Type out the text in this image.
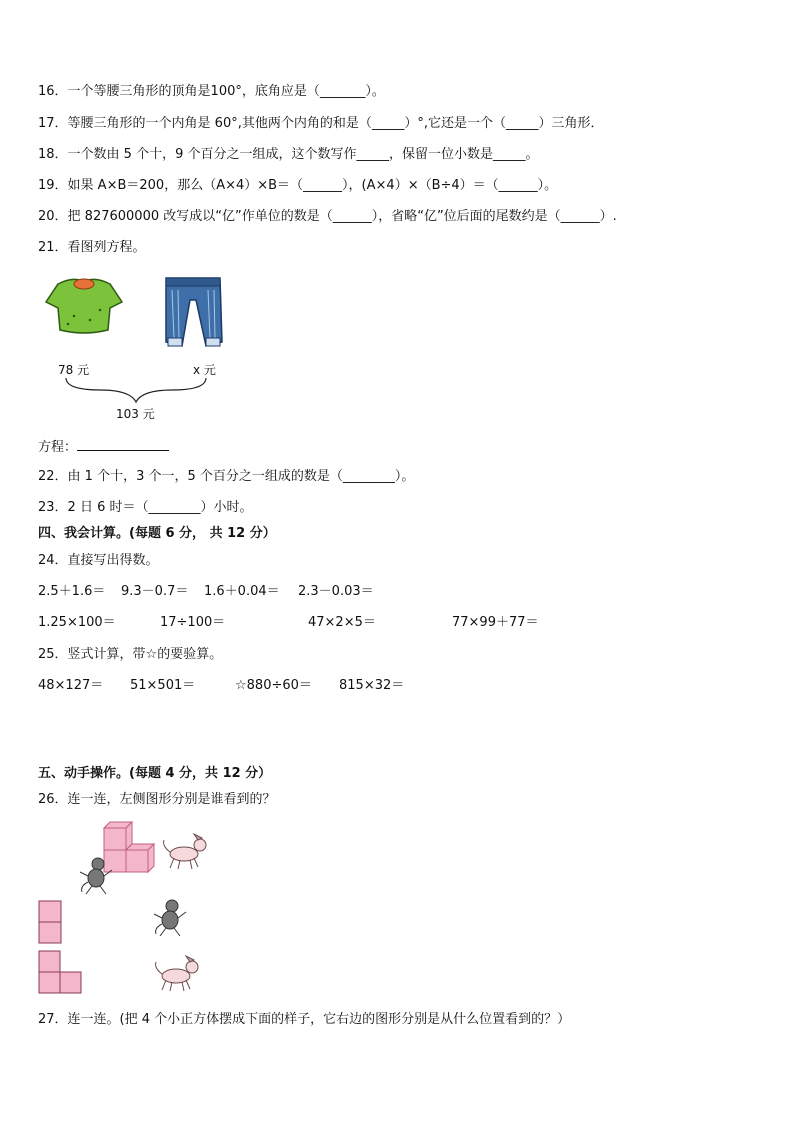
16．一个等腰三角形的顶角是100°，底角应是（_______）。
17．等腰三角形的一个内角是 60°,其他两个内角的和是（_____）°,它还是一个（_____）三角形．
18．一个数由 5 个十，9 个百分之一组成，这个数写作_____，保留一位小数是_____。
19．如果 A×B＝200，那么（A×4）×B＝（______），(A×4）×（B÷4）＝（______）。
20．把 827600000 改写成以“亿”作单位的数是（______），省略“亿”位后面的尾数约是（______）.
21．看图列方程。
78 元	x 元
103 元
方程：
22．由 1 个十，3 个一，5 个百分之一组成的数是（________）。
23．2 日 6 时＝（________）小时。
四、我会计算。(每题 6 分， 共 12 分）
24．直接写出得数。
2.5＋1.6＝ 9.3－0.7＝ 1.6＋0.04＝ 2.3－0.03＝
1.25×100＝	17÷100＝	47×2×5＝	77×99＋77＝
25．竖式计算，带☆的要验算。
48×127＝ 51×501＝	☆880÷60＝ 815×32＝
五、动手操作。(每题 4 分，共 12 分）
26．连一连，左侧图形分别是谁看到的？
27．连一连。(把 4 个小正方体摆成下面的样子，它右边的图形分别是从什么位置看到的？）
